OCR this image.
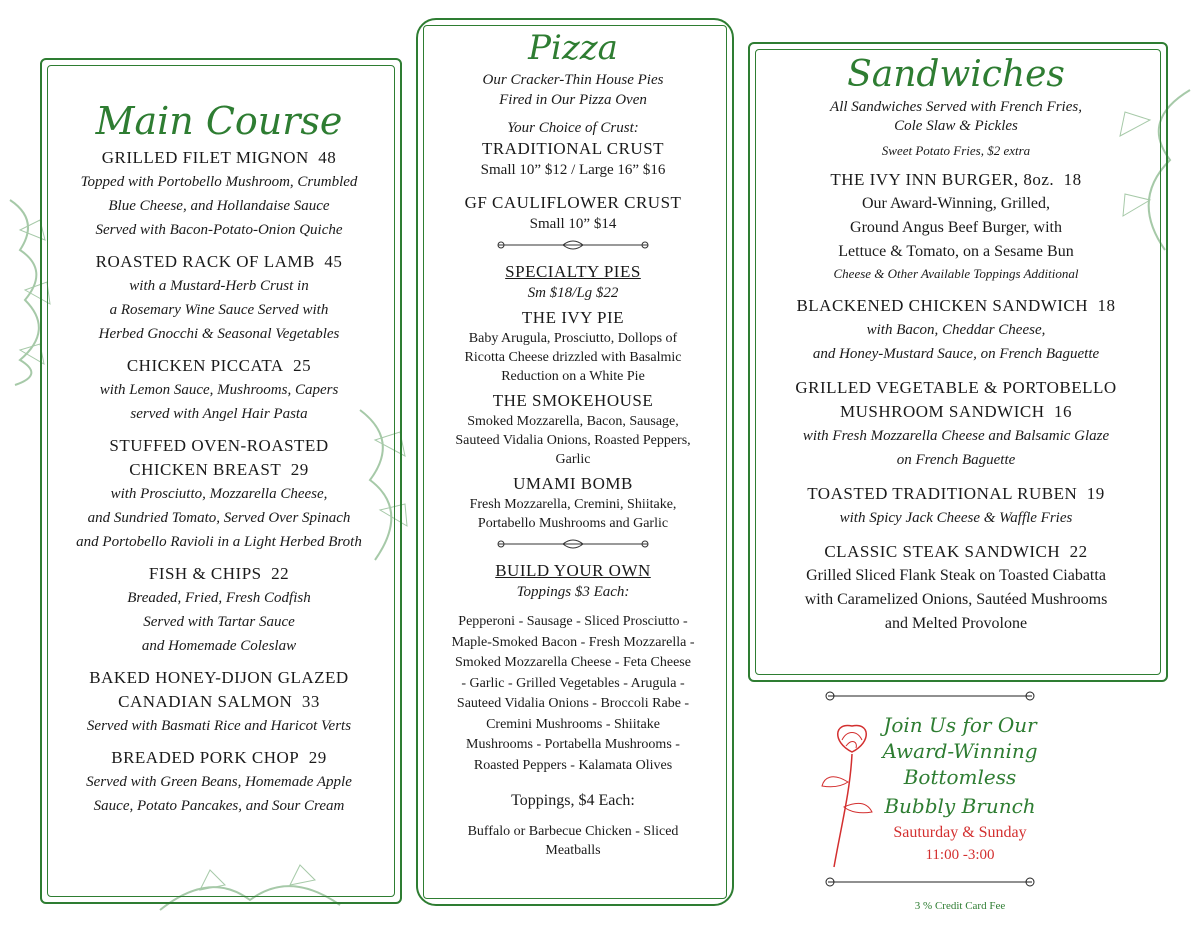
Main Course
GRILLED FILET MIGNON 48
Topped with Portobello Mushroom, Crumbled
Blue Cheese, and Hollandaise Sauce
Served with Bacon-Potato-Onion Quiche
ROASTED RACK OF LAMB 45
with a Mustard-Herb Crust in
a Rosemary Wine Sauce Served with
Herbed Gnocchi & Seasonal Vegetables
CHICKEN PICCATA 25
with Lemon Sauce, Mushrooms, Capers
served with Angel Hair Pasta
STUFFED OVEN-ROASTED
CHICKEN BREAST 29
with Prosciutto, Mozzarella Cheese,
and Sundried Tomato, Served Over Spinach
and Portobello Ravioli in a Light Herbed Broth
FISH & CHIPS 22
Breaded, Fried, Fresh Codfish
Served with Tartar Sauce
and Homemade Coleslaw
BAKED HONEY-DIJON GLAZED
CANADIAN SALMON 33
Served with Basmati Rice and Haricot Verts
BREADED PORK CHOP 29
Served with Green Beans, Homemade Apple
Sauce, Potato Pancakes, and Sour Cream
Pizza
Our Cracker-Thin House Pies
Fired in Our Pizza Oven
Your Choice of Crust:
TRADITIONAL CRUST
Small 10” $12 / Large 16” $16
GF CAULIFLOWER CRUST
Small 10” $14
SPECIALTY PIES
Sm $18/Lg $22
THE IVY PIE
Baby Arugula, Prosciutto, Dollops of
Ricotta Cheese drizzled with Basalmic
Reduction on a White Pie
THE SMOKEHOUSE
Smoked Mozzarella, Bacon, Sausage,
Sauteed Vidalia Onions, Roasted Peppers,
Garlic
UMAMI BOMB
Fresh Mozzarella, Cremini, Shiitake,
Portabello Mushrooms and Garlic
BUILD YOUR OWN
Toppings $3 Each:
Pepperoni - Sausage - Sliced Prosciutto -
Maple-Smoked Bacon - Fresh Mozzarella -
Smoked Mozzarella Cheese - Feta Cheese
- Garlic - Grilled Vegetables - Arugula -
Sauteed Vidalia Onions - Broccoli Rabe -
Cremini Mushrooms - Shiitake
Mushrooms - Portabella Mushrooms -
Roasted Peppers - Kalamata Olives
Toppings, $4 Each:
Buffalo or Barbecue Chicken - Sliced
Meatballs
Sandwiches
All Sandwiches Served with French Fries,
Cole Slaw & Pickles
Sweet Potato Fries, $2 extra
THE IVY INN BURGER, 8oz. 18
Our Award-Winning, Grilled,
Ground Angus Beef Burger, with
Lettuce & Tomato, on a Sesame Bun
Cheese & Other Available Toppings Additional
BLACKENED CHICKEN SANDWICH 18
with Bacon, Cheddar Cheese,
and Honey-Mustard Sauce, on French Baguette
GRILLED VEGETABLE & PORTOBELLO
MUSHROOM SANDWICH 16
with Fresh Mozzarella Cheese and Balsamic Glaze
on French Baguette
TOASTED TRADITIONAL RUBEN 19
with Spicy Jack Cheese & Waffle Fries
CLASSIC STEAK SANDWICH 22
Grilled Sliced Flank Steak on Toasted Ciabatta
with Caramelized Onions, Sautéed Mushrooms
and Melted Provolone
Join Us for Our
Award-Winning
Bottomless
Bubbly Brunch
Sauturday & Sunday
11:00 -3:00
3 % Credit Card Fee
